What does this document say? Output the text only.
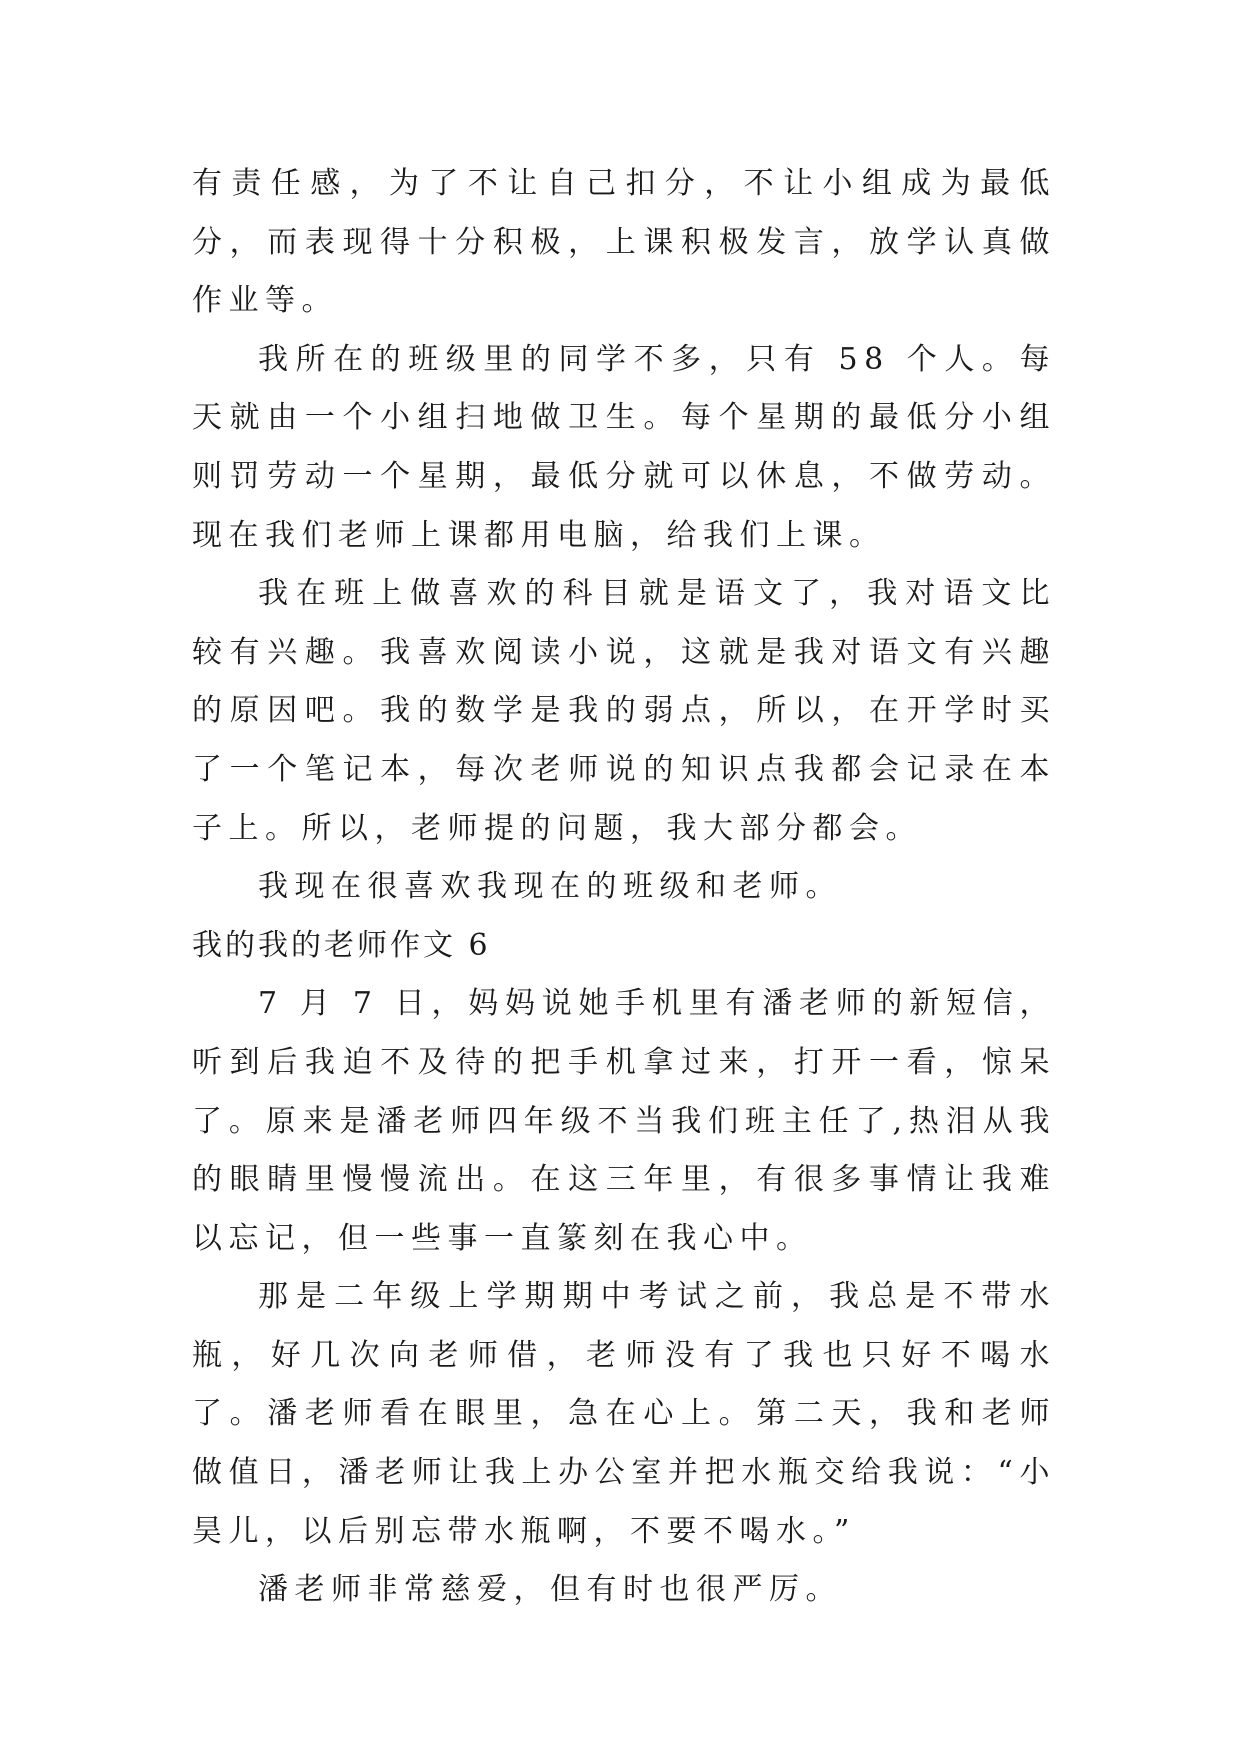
有责任感，为了不让自己扣分，不让小组成为最低分，而表现得十分积极，上课积极发言，放学认真做作业等。

我所在的班级里的同学不多，只有 58 个人。每天就由一个小组扫地做卫生。每个星期的最低分小组则罚劳动一个星期，最低分就可以休息，不做劳动。现在我们老师上课都用电脑，给我们上课。

我在班上做喜欢的科目就是语文了，我对语文比较有兴趣。我喜欢阅读小说，这就是我对语文有兴趣的原因吧。我的数学是我的弱点，所以，在开学时买了一个笔记本，每次老师说的知识点我都会记录在本子上。所以，老师提的问题，我大部分都会。

我现在很喜欢我现在的班级和老师。

我的我的老师作文 6

7 月 7 日，妈妈说她手机里有潘老师的新短信，听到后我迫不及待的把手机拿过来，打开一看，惊呆了。原来是潘老师四年级不当我们班主任了,热泪从我的眼睛里慢慢流出。在这三年里，有很多事情让我难以忘记，但一些事一直篆刻在我心中。

那是二年级上学期期中考试之前，我总是不带水瓶，好几次向老师借，老师没有了我也只好不喝水了。潘老师看在眼里，急在心上。第二天，我和老师做值日，潘老师让我上办公室并把水瓶交给我说：“小昊儿，以后别忘带水瓶啊，不要不喝水。”

潘老师非常慈爱，但有时也很严厉。
